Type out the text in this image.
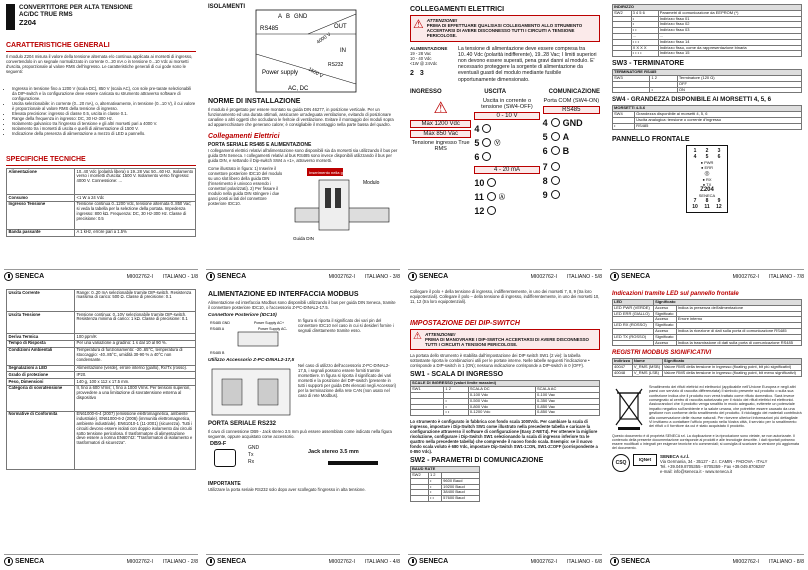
CONVERTITORE PER ALTA TENSIONE
AC/DC TRUE RMS
Z204
CARATTERISTICHE GENERALI
Il modulo Z204 misura il valore della tensione alternata e/o continua applicata ai morsetti di ingresso, convertendolo in un segnale normalizzato in corrente 0...20 mA o in tensione 0...10 Vdc ai morsetti d'uscita, proporzionale al valore RMS dell'ingresso. Le caratteristiche generali di cui gode sono le seguenti:
• Ingresso in tensione fino a 1200 V (scala DC), 850 V (scala AC), con sole pre-tarate selezionabili da DIP-switch e la configurazione deve essere caricata su strumento attraverso software di configurazione.
• Uscita selezionabile: in corrente (0...20 mA), o, alternativamente, in tensione (0...10 V), il cui valore è proporzionale al valore RMS della tensione di ingresso.
• Elevata precisione: ingresso di classe 0.5, uscita in classe 0.1.
• Range della frequenza in ingresso: DC, 30 Hz-300 Hz.
• Isolamento galvanico tra l'ingresso di tensione e gli altri morsetti pari a 4000 V.
• Isolamento tra i morsetti di uscita e quelli di alimentazione di 1500 V.
• Indicazione della presenza di alimentazione a mezzo di LED a pannello.
SPECIFICHE TECNICHE
Alimentazione	10..40 Vdc (polarità libera) o 19..28 Vac 50...60 Hz. Isolamento verso i morsetti d'uscita: 1500 V. Isolamento verso l'ingresso: 4000 V. Connessione: ...
Consumo	<1 W a 24 Vdc
Ingresso Tensione	Tensione continua 0..1200 Vdc, tensione alternata 0..850 Vac; si veda la tabella per la selezione della portata. Impedenza ingresso: 800 kΩ. Frequenza: DC, 30 Hz-300 Hz. Classe di precisione: 0.5
Banda passante	A 1 kHz, errore pari a 1.5%
SENECA	MI002762-I ITALIANO - 1/8
ISOLAMENTI
A B GND
RS485	OUT
IN
4000 V
RS232
Power supply
AC, DC
1500 V
NORME DI INSTALLAZIONE
Il modulo è progettato per essere montato su guida DIN 46277, in posizione verticale. Per un funzionamento ed una durata ottimali, assicurare un'adeguata ventilazione, evitando di posizionare canaline o altri oggetti che occludano le feritoie di ventilazione. Evitare il montaggio dei moduli sopra ad apparecchiature che generano calore; è consigliabile il montaggio nella parte bassa del quadro.
Collegamenti Elettrici
PORTA SERIALE RS485 E ALIMENTAZIONE
I collegamenti elettrici relativi all'alimentazione sono disponibili sia da morsetti sia utilizzando il bus per guida DIN Seneca. I collegamenti relativi al bus RS485 sono invece disponibili utilizzando il bus per guida DIN, e settando il Dip-switch SW4 a «1», attraverso morsetti.
Come illustrato in figura: 1) Inserire il connettore posteriore IDC10 del modulo su uno slot libero della guida DIN (l'inserimento è univoco essendo i connettori polarizzati). 2) Per fissare il modulo nella guida DIN stringere i due ganci posti ai lati del connettore posteriore IDC10.
Inserimento nella guida DIN
Modulo
Guida DIN
SENECA	MI002762-I ITALIANO - 3/8
COLLEGAMENTI ELETTRICI
⚠ ATTENZIONE!
PRIMA DI EFFETTUARE QUALSIASI COLLEGAMENTO ALLO STRUMENTO ACCERTARSI DI AVERE DISCONNESSO TUTTI I CIRCUITI A TENSIONE PERICOLOSE.
ALIMENTAZIONE
19 - 28 Vac
10 - 40 Vdc
<1W @ 24Vdc
2 3
La tensione di alimentazione deve essere compresa tra 10..40 Vdc (polarità indifferente), 19..28 Vac; I limiti superiori non devono essere superati, pena gravi danni al modulo. E' necessario proteggere la sorgente di alimentazione da eventuali guasti del modulo mediante fusibile opportunamente dimensionato.
INGRESSO	USCITA	COMUNICAZIONE
⚠
Max 1200 Vdc
Max 850 Vac
Tensione ingresso True RMS
Uscita in corrente o tensione (SW4-OFF)
0 - 10 V
4
5	Ⓥ
6
4 - 20 mA
10
11	Ⓐ
12
Porta COM (SW4-ON)
RS485
4 GND
5 A
6 B
7
8
9
SENECA	MI002762-I ITALIANO - 5/8
INDIRIZZO		
SW2	3 4 5 6	Parametri di comunicazione da EEPROM (*)
	•	Indirizzo fisso 01
	•	Indirizzo fisso 02
	• •	Indirizzo fisso 03
	...	...
	• • •	Indirizzo fisso 14
	X X X X	Indirizzo fisso, come da rappresentazione binaria
	• • • •	Indirizzo fisso 15
SW3 - TERMINATORE
TERMINATORE RS485		
SW3	1 2	Terminatore (120 Ω)
		OFF
	•	ON
SW4 - GRANDEZZA DISPONIBILE AI MORSETTI 4, 5, 6
MORSETTI 4-5-6	
SW4	Grandezza disponibile ai morsetti 4, 5, 6
	Uscita analogica: tensione o corrente d'ingresso
•	RS485
PANNELLO FRONTALE
1 2 3
4 5 6
● PWR
● ERR
◎
● RX
● TX
Z204
SENECA
7 8 9
10 11 12
SENECA	MI002762-I ITALIANO - 7/8
Uscita Corrente	Range: 0..20 mA selezionabile tramite DIP-switch. Resistenza massima di carico: 500 Ω. Classe di precisione: 0.1
Uscita Tensione	Tensione continua: 0..10V selezionabile tramite DIP-switch. Resistenza minima di carico: 1 kΩ. Classe di precisione: 0.1
Deriva Termica	100 ppm/K
Tempo di Risposta	Per una variazione a gradino: 1 s dal 10 al 90 %.
Condizioni Ambientali	Temperatura di funzionamento: -20..65°C, temperatura di stoccaggio: -40..85°C, umidità 30-90 % a 40°C non condensante.
Segnalazioni a LED	Alimentazione (verde), errore interno (giallo), Rx/Tx (rosso).
Grado di protezione	IP20.
Peso, Dimensioni	140 g, 100 x 112 x 17.5 mm.
Categoria di sovratensione	II, fino a 600 Vrms; I, fino a 1000 Vrms. Per tensioni superiori, provvedere a una limitazione di sovratensione esterna al dispositivo
Normative di Conformità	EN61000-6-4 (2007) (emissione elettromagnetica, ambiente industriale). EN61000-6-2 (2006) (immunità elettromagnetica, ambiente industriale). EN61010-1 (11-2001) (sicurezza). Tutti i circuiti devono essere isolati con doppio isolamento dai circuiti sotto tensione pericolosa. Il trasformatore di alimentazione deve essere a norma EN60742: "Trasformatori di isolamento e trasformatori di sicurezza".
SENECA	MI002762-I ITALIANO - 2/8
ALIMENTAZIONE ED INTERFACCIA MODBUS
Alimentazione ed interfaccia Modbus sono disponibili utilizzando il bus per guida DIN Seneca, tramite il connettore posteriore IDC10, o l'accessorio Z-PC-DINAL2-17.5.
Connettore Posteriore (IDC10)
RS485 GND
RS485 A
RS485 B
Power Supply AC+
Power Supply AC-
In figura si riporta il significato dei vari pin del connettore IDC10 nel caso in cui si desideri fornire i segnali direttamente tramite esso.
Utilizzo Accessorio Z-PC-DINAL2-17,5
Nel caso di utilizzo dell'accessorio Z-PC-DINAL2-17,5, i segnali possono essere forniti tramite morsettiere. In figura si riporta il significato dei vari morsetti e la posizione del DIP-switch (presente in tutti i supporti per guida DIN elencati negli Accessori) per la terminazione della rete CAN (non usato nel caso di rete Modbus).
PORTA SERIALE RS232
Il cavo di connessione DB9 - Jack stereo 3.5 mm può essere assemblato come indicato nella figura seguente, oppure acquistato come accessorio.
DB9-F
GND
Tx
Rx
Jack stereo 3.5 mm
IMPORTANTE
Utilizzare la porta seriale RS232 solo dopo aver scollegato l'ingresso in alta tensione.
SENECA	MI002762-I ITALIANO - 4/8
Collegare il polo + della tensione di ingresso, indifferentemente, in uno dei morsetti 7, 8, 9 (tra loro equipotenziali). Collegare il polo – della tensione di ingresso, indifferentemente, in uno dei morsetti 10, 11, 12 (tra loro equipotenziali).
IMPOSTAZIONE DEI DIP-SWITCH
⚠ ATTENZIONE!
PRIMA DI MANOVRARE I DIP-SWITCH ACCERTARSI DI AVERE DISCONNESSO TUTTI I CIRCUITI A TENSIONI PERICOLOSE.
La portata dello strumento è stabilita dall'impostazione dei DIP switch SW1 (2 vie): la tabella sottostante riporta le combinazioni utili per le portate interne. Nelle tabelle seguenti l'indicazione • corrisponde a DIP-switch in 1 (ON); nessuna indicazione corrisponde a DIP-switch in 0 (OFF).
SW1 - SCALA DI INGRESSO
SCALE DI INGRESSO (valori limite massimi)			
SW1	1 2	SCALA DC	SCALA AC
		0-100 Vdc	0-100 Vac
	•	0-500 Vdc	0-350 Vac
	•	0-800 Vdc	0-850 Vac
	• •	0-1200 Vdc	0-850 Vac
Lo strumento è configurato in fabbrica con fondo scala 1000Vdc. Per cambiare la scala di ingresso, impostare i Dip-Switch SW1 come illustrato nella precedente tabella e caricare la configurazione attraverso il software di configurazione (Easy Z-NET4). Per ottenere la migliore risoluzione, configurare i Dip-Switch SW1 selezionando la scala di ingresso inferiore tra le quattro nella precedente tabella) che comprende il nuovo fondo scala. Esempio: se il nuovo fondo scala voluto è 680 Vdc, impostare Dip-Switch SW1-1=ON, SW1-2=OFF (corrispondente a 0-850 Vdc).
SW2 - PARAMETRI DI COMUNICAZIONE
BAUD RATE		
SW2	1 2	
	•	9600 Baud
	•	19200 Baud
	•	38400 Baud
	• •	57600 Baud
SENECA	MI002762-I ITALIANO - 6/8
Indicazioni tramite LED sul pannello frontale
LED	Significato	
LED PWR (VERDE)	Acceso	Indica la presenza dell'alimentazione
LED ERR (GIALLO)	Significato	
	Acceso	Errore interno
LED RX (ROSSO)	Significato	
	Acceso	Indica la ricezione di dati sulla porta di comunicazione RS485
LED TX (ROSSO)	Significato	
	Acceso	Indica la trasmissione di dati sulla porta di comunicazione RS485
REGISTRI MODBUS SIGNIFICATIVI
Indirizzo	Nome	Significato
40047	V_RMS (MSB)	Valore RMS della tensione in ingresso (floating point, bit più significativi)
40048	V_RMS (LSB)	Valore RMS della tensione in ingresso (floating point, bit meno significativi)
Smaltimento dei rifiuti elettrici ed elettronici (applicabile nell'Unione Europea e negli altri paesi con servizio di raccolta differenziata) Il simbolo presente sul prodotto o sulla sua confezione indica che il prodotto non verrà trattato come rifiuto domestico. Sarà invece consegnato al centro di raccolta autorizzato per il riciclo dei rifiuti elettrici ed elettronici. Assicurandovi che il prodotto venga smaltito in modo adeguato, eviterete un potenziale impatto negativo sull'ambiente e la salute umana, che potrebbe essere causato da una gestione non conforme dello smaltimento del prodotto. Il riciclaggio dei materiali contribuirà alla conservazione delle risorse naturali. Per ricevere ulteriori informazioni più dettagliate Vi invitiamo a contattare l'ufficio preposto nella Vostra città, il servizio per lo smaltimento dei rifiuti o il fornitore da cui è stato acquistato il prodotto.
Questo documento è di proprietà SENECA srl. La duplicazione e la riproduzione sono vietate, se non autorizzate. Il contenuto della presente documentazione corrisponde ai prodotti e alle tecnologie descritte. I dati riportati potranno essere modificati o integrati per esigenze tecniche e/o commerciali; si consiglia di scaricare la versione più aggiornata del documento.
CSQ	IQNet
SENECA s.r.l.
Via Germania, 34 - 35127 - Z.I. CAMIN - PADOVA - ITALY
Tel. +39.049.8705355 - 8705359 - Fax +39.049.8706287
e-mail: info@seneca.it - www.seneca.it
SENECA	MI002762-I ITALIANO - 8/8
